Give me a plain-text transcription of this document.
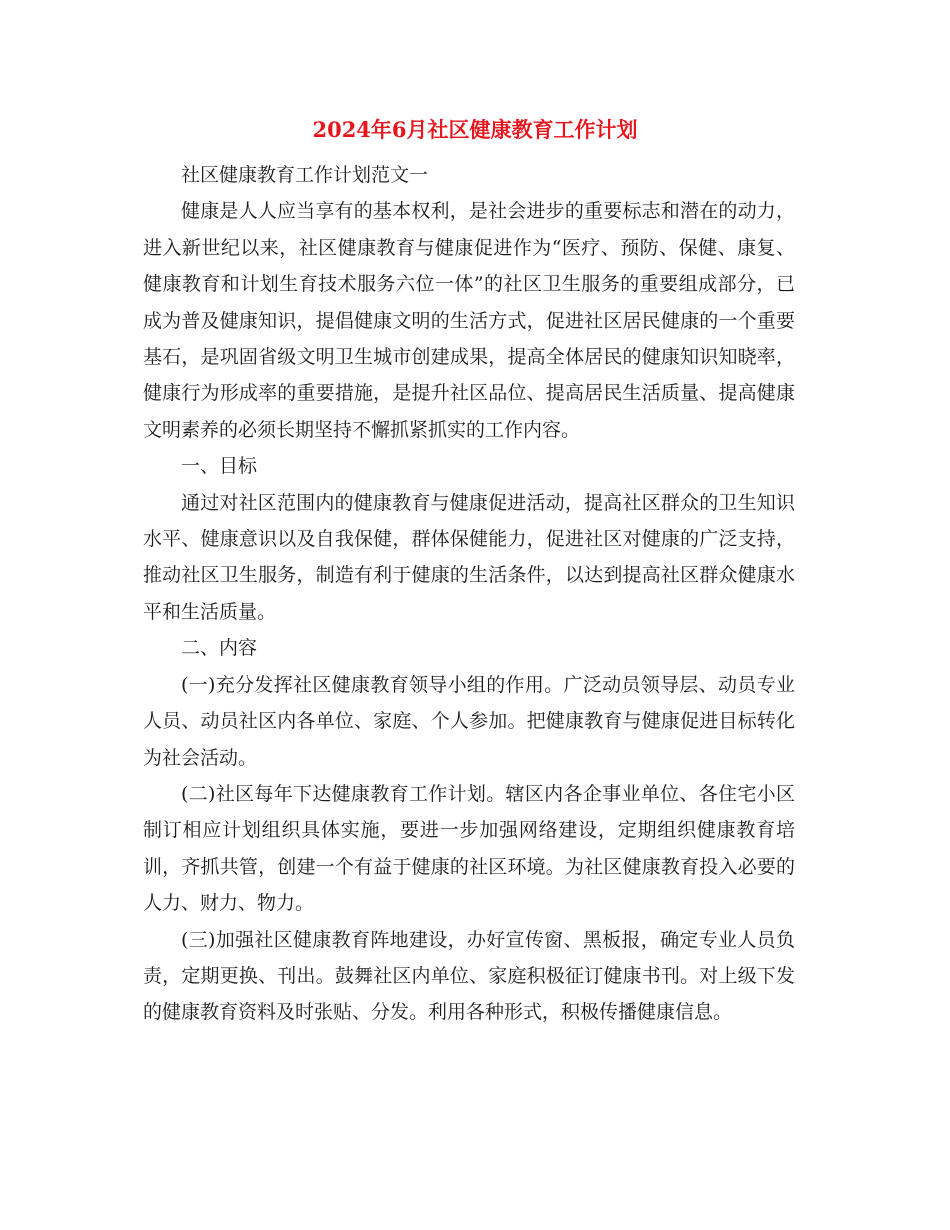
2024年6月社区健康教育工作计划

社区健康教育工作计划范文一

健康是人人应当享有的基本权利，是社会进步的重要标志和潜在的动力，进入新世纪以来，社区健康教育与健康促进作为“医疗、预防、保健、康复、健康教育和计划生育技术服务六位一体”的社区卫生服务的重要组成部分，已成为普及健康知识，提倡健康文明的生活方式，促进社区居民健康的一个重要基石，是巩固省级文明卫生城市创建成果，提高全体居民的健康知识知晓率，健康行为形成率的重要措施，是提升社区品位、提高居民生活质量、提高健康文明素养的必须长期坚持不懈抓紧抓实的工作内容。

一、目标

通过对社区范围内的健康教育与健康促进活动，提高社区群众的卫生知识水平、健康意识以及自我保健，群体保健能力，促进社区对健康的广泛支持，推动社区卫生服务，制造有利于健康的生活条件，以达到提高社区群众健康水平和生活质量。

二、内容

(一)充分发挥社区健康教育领导小组的作用。广泛动员领导层、动员专业人员、动员社区内各单位、家庭、个人参加。把健康教育与健康促进目标转化为社会活动。

(二)社区每年下达健康教育工作计划。辖区内各企事业单位、各住宅小区制订相应计划组织具体实施，要进一步加强网络建设，定期组织健康教育培训，齐抓共管，创建一个有益于健康的社区环境。为社区健康教育投入必要的人力、财力、物力。

(三)加强社区健康教育阵地建设，办好宣传窗、黑板报，确定专业人员负责，定期更换、刊出。鼓舞社区内单位、家庭积极征订健康书刊。对上级下发的健康教育资料及时张贴、分发。利用各种形式，积极传播健康信息。
